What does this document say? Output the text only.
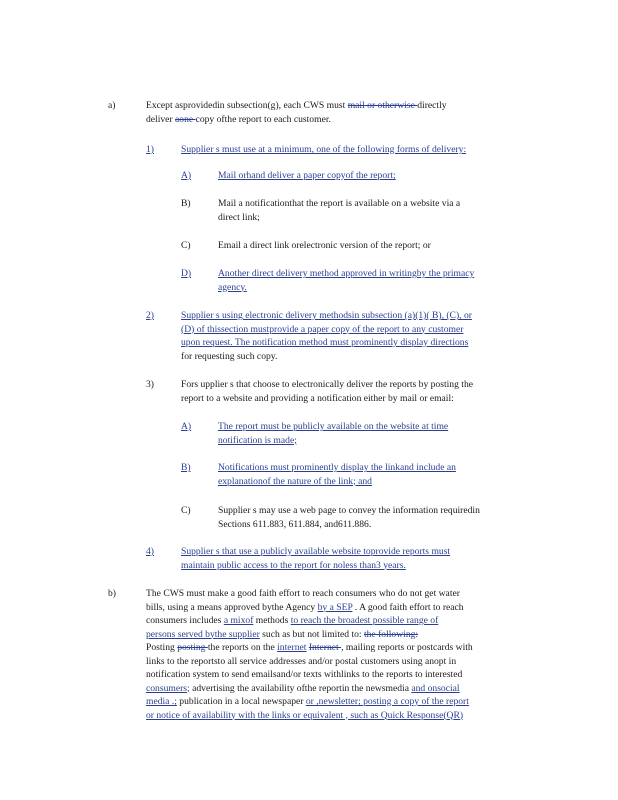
a)	Except asprovidedin subsection(g), each CWS must mail or otherwise directly
deliver aone copy ofthe report to each customer.
1)	Supplier s must use at a minimum, one of the following forms of delivery:
A)	Mail orhand deliver a paper copyof the report;
B)	Mail a notificationthat the report is available on a website via a
direct link;
C)	Email a direct link orelectronic version of the report; or
D)	Another direct delivery method approved in writingby the primacy
agency.
2)	Supplier s using electronic delivery methodsin subsection (a)(1)( B), (C), or
(D) of thissection mustprovide a paper copy of the report to any customer
upon request. The notification method must prominently display directions
for requesting such copy.
3)	Fors upplier s that choose to electronically deliver the reports by posting the
report to a website and providing a notification either by mail or email:
A)	The report must be publicly available on the website at time
notification is made;
B)	Notifications must prominently display the linkand include an
explanationof the nature of the link; and
C)	Supplier s may use a web page to convey the information requiredin
Sections 611.883, 611.884, and611.886.
4)	Supplier s that use a publicly available website toprovide reports must
maintain public access to the report for noless than3 years.
b)	The CWS must make a good faith effort to reach consumers who do not get water
bills, using a means approved bythe Agency by a SEP . A good faith effort to reach
consumers includes a mixof methods to reach the broadest possible range of
persons served bythe supplier such as but not limited to: the following:
Posting posting the reports on the internet Internet , mailing reports or postcards with
links to the reportsto all service addresses and/or postal customers using anopt in
notification system to send emailsand/or texts withlinks to the reports to interested
consumers; advertising the availability ofthe reportin the newsmedia and onsocial
media .; publication in a local newspaper or ,newsletter; posting a copy of the report
or notice of availability with the links or equivalent , such as Quick Response(QR)
